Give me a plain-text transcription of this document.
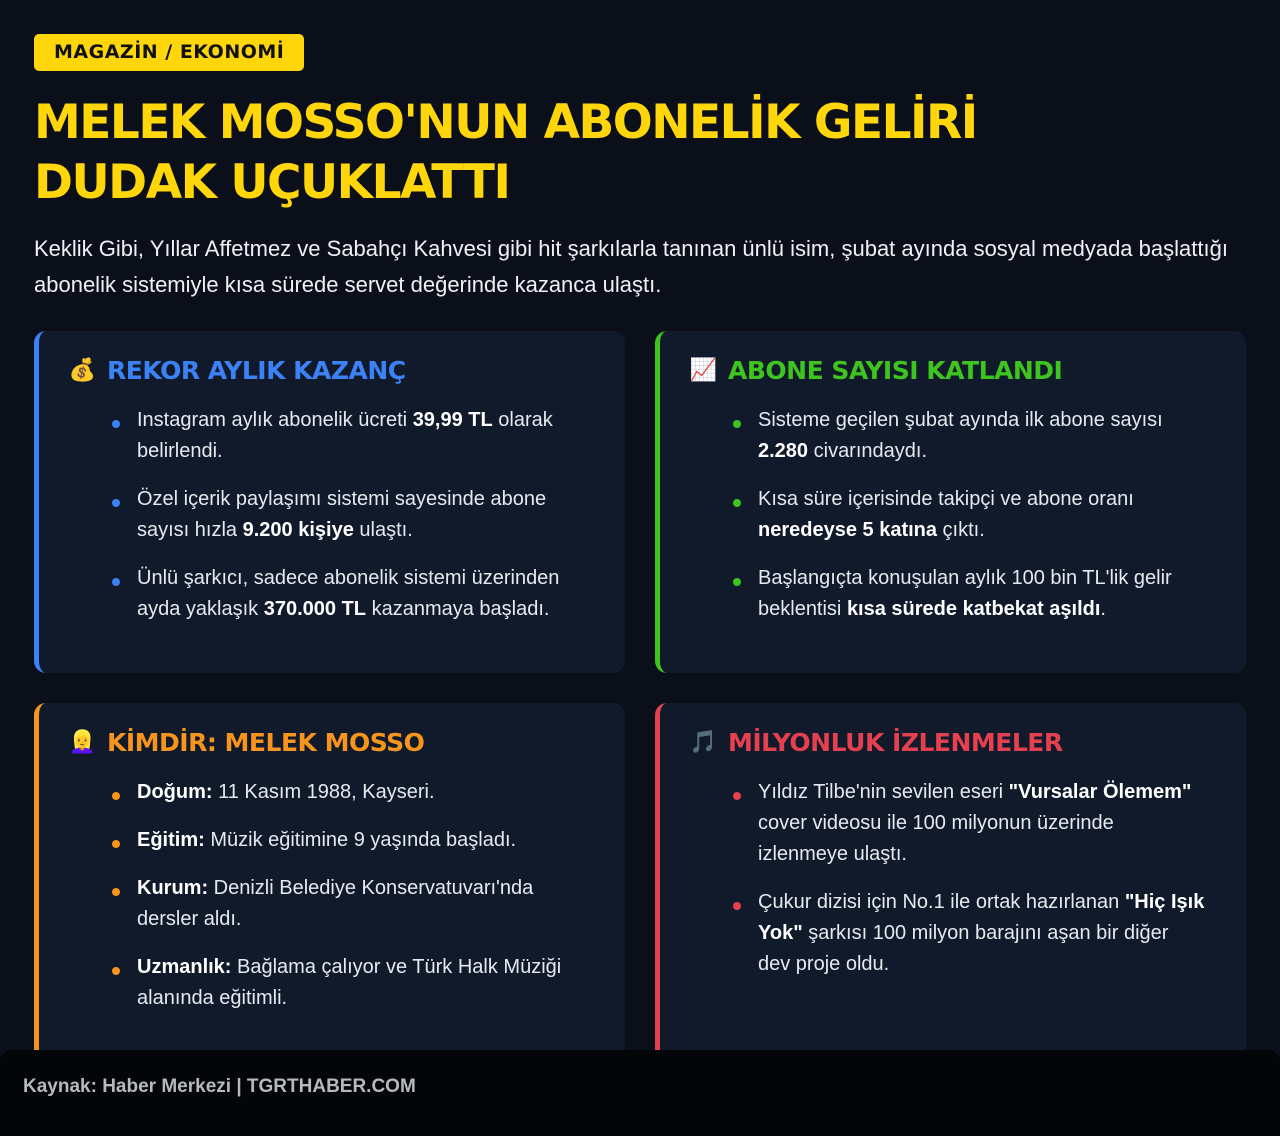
MAGAZİN / EKONOMİ
MELEK MOSSO'NUN ABONELİK GELİRİ DUDAK UÇUKLATTI

Keklik Gibi, Yıllar Affetmez ve Sabahçı Kahvesi gibi hit şarkılarla tanınan ünlü isim, şubat ayında sosyal medyada başlattığı abonelik sistemiyle kısa sürede servet değerinde kazanca ulaştı.

💰 REKOR AYLIK KAZANÇ
Instagram aylık abonelik ücreti 39,99 TL olarak belirlendi.
Özel içerik paylaşımı sistemi sayesinde abone sayısı hızla 9.200 kişiye ulaştı.
Ünlü şarkıcı, sadece abonelik sistemi üzerinden ayda yaklaşık 370.000 TL kazanmaya başladı.
📈 ABONE SAYISI KATLANDI
Sisteme geçilen şubat ayında ilk abone sayısı 2.280 civarındaydı.
Kısa süre içerisinde takipçi ve abone oranı neredeyse 5 katına çıktı.
Başlangıçta konuşulan aylık 100 bin TL'lik gelir beklentisi kısa sürede katbekat aşıldı.
👱‍♀️ KİMDİR: MELEK MOSSO
Doğum: 11 Kasım 1988, Kayseri.
Eğitim: Müzik eğitimine 9 yaşında başladı.
Kurum: Denizli Belediye Konservatuvarı'nda dersler aldı.
Uzmanlık: Bağlama çalıyor ve Türk Halk Müziği alanında eğitimli.
🎵 MİLYONLUK İZLENMELER
Yıldız Tilbe'nin sevilen eseri "Vursalar Ölemem" cover videosu ile 100 milyonun üzerinde izlenmeye ulaştı.
Çukur dizisi için No.1 ile ortak hazırlanan "Hiç Işık Yok" şarkısı 100 milyon barajını aşan bir diğer dev proje oldu.
Kaynak: Haber Merkezi | TGRTHABER.COM
